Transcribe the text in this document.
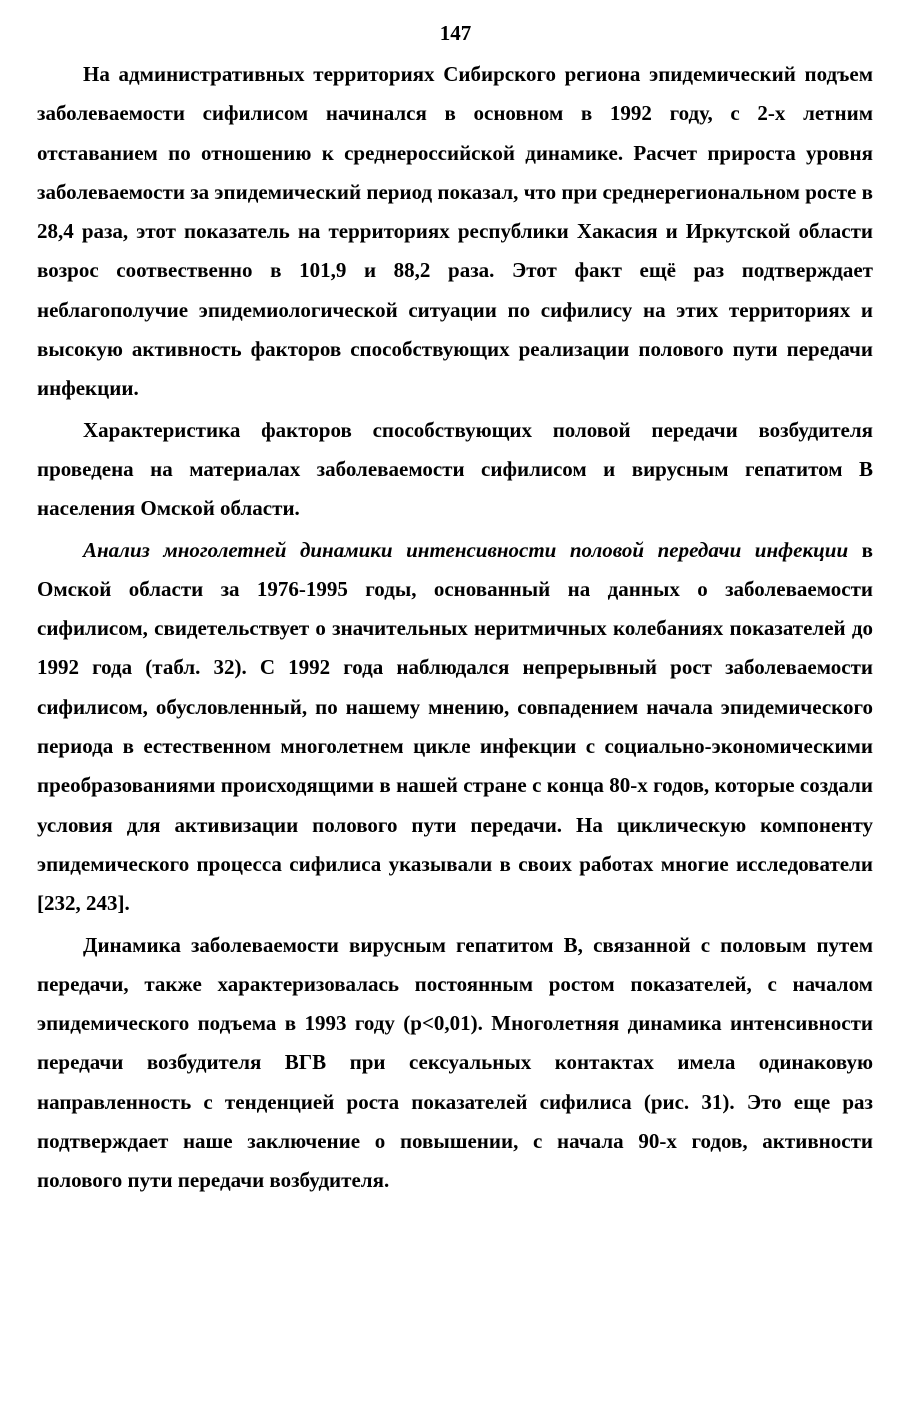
147

На административных территориях Сибирского региона эпидемический подъем заболеваемости сифилисом начинался в основном в 1992 году, с 2-х летним отставанием по отношению к среднероссийской динамике. Расчет прироста уровня заболеваемости за эпидемический период показал, что при среднерегиональном росте в 28,4 раза, этот показатель на территориях республики Хакасия и Иркутской области возрос соотвественно в 101,9 и 88,2 раза. Этот факт ещё раз подтверждает неблагополучие эпидемиологической ситуации по сифилису на этих территориях и высокую активность факторов способствующих реализации полового пути передачи инфекции.

Характеристика факторов способствующих половой передачи возбудителя проведена на материалах заболеваемости сифилисом и вирусным гепатитом В населения Омской области.

Анализ многолетней динамики интенсивности половой передачи инфекции в Омской области за 1976-1995 годы, основанный на данных о заболеваемости сифилисом, свидетельствует о значительных неритмичных колебаниях показателей до 1992 года (табл. 32). С 1992 года наблюдался непрерывный рост заболеваемости сифилисом, обусловленный, по нашему мнению, совпадением начала эпидемического периода в естественном многолетнем цикле инфекции с социально-экономическими преобразованиями происходящими в нашей стране с конца 80-х годов, которые создали условия для активизации полового пути передачи. На циклическую компоненту эпидемического процесса сифилиса указывали в своих работах многие исследователи [232, 243].

Динамика заболеваемости вирусным гепатитом В, связанной с половым путем передачи, также характеризовалась постоянным ростом показателей, с началом эпидемического подъема в 1993 году (p<0,01). Многолетняя динамика интенсивности передачи возбудителя ВГВ при сексуальных контактах имела одинаковую направленность с тенденцией роста показателей сифилиса (рис. 31). Это еще раз подтверждает наше заключение о повышении, с начала 90-х годов, активности полового пути передачи возбудителя.
